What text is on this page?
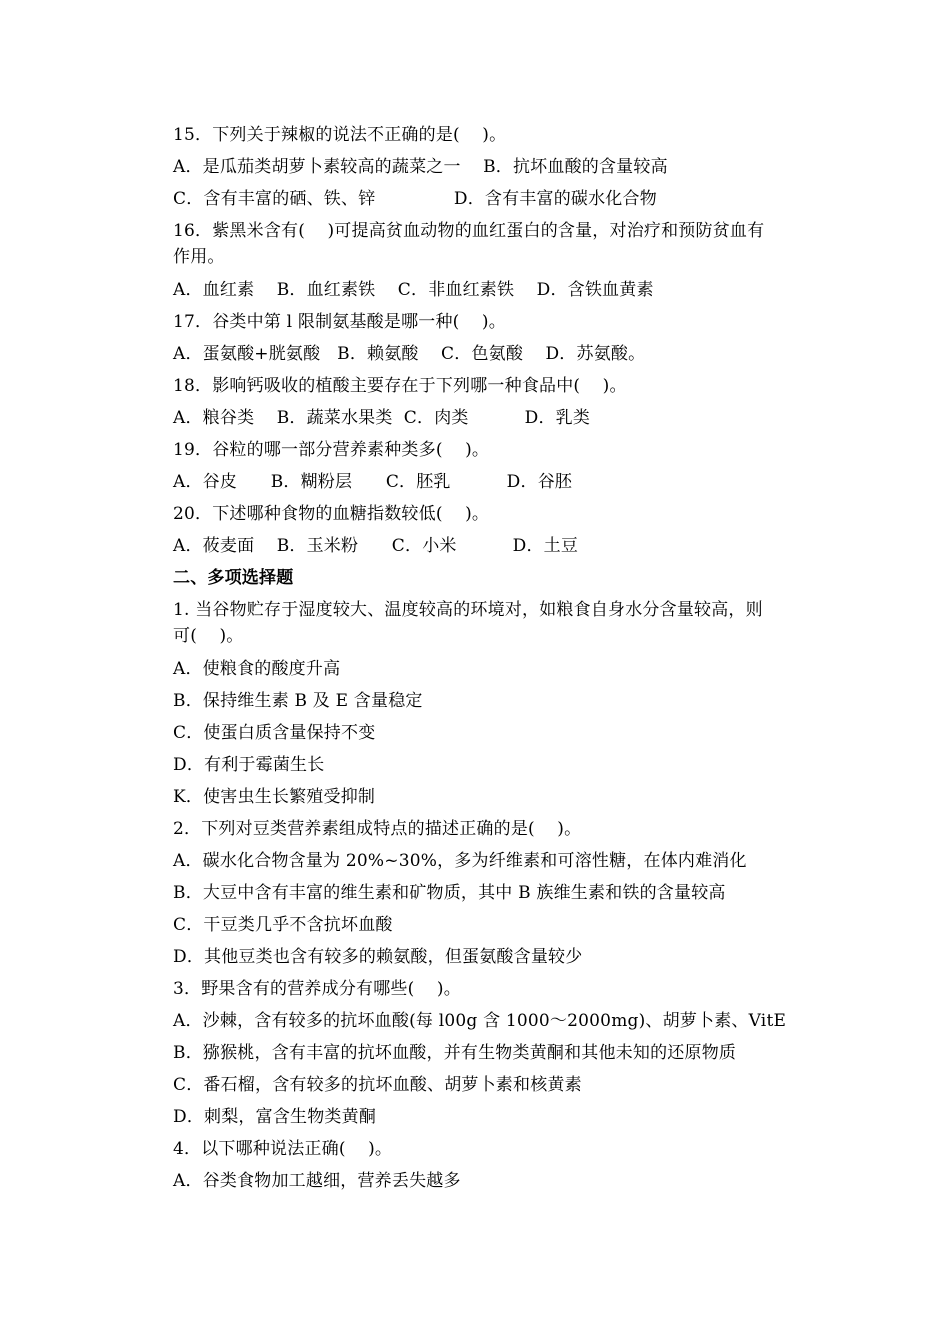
15．下列关于辣椒的说法不正确的是(    )。
A．是瓜茄类胡萝卜素较高的蔬菜之一    B．抗坏血酸的含量较高
C．含有丰富的硒、铁、锌              D．含有丰富的碳水化合物
16．紫黑米含有(    )可提高贫血动物的血红蛋白的含量，对治疗和预防贫血有
作用。
A．血红素    B．血红素铁    C．非血红素铁    D．含铁血黄素
17．谷类中第 l 限制氨基酸是哪一种(    )。
A．蛋氨酸+胱氨酸   B．赖氨酸    C．色氨酸    D．苏氨酸。
18．影响钙吸收的植酸主要存在于下列哪一种食品中(    )。
A．粮谷类    B．蔬菜水果类  C．肉类          D．乳类
19．谷粒的哪一部分营养素种类多(    )。
A．谷皮      B．糊粉层      C．胚乳          D．谷胚
20．下述哪种食物的血糖指数较低(    )。
A．莜麦面    B．玉米粉      C．小米          D．土豆
二、多项选择题
1. 当谷物贮存于湿度较大、温度较高的环境对，如粮食自身水分含量较高，则
可(    )。
A．使粮食的酸度升高
B．保持维生素 B 及 E 含量稳定
C．使蛋白质含量保持不变
D．有利于霉菌生长
K．使害虫生长繁殖受抑制
2．下列对豆类营养素组成特点的描述正确的是(    )。
A．碳水化合物含量为 20%~30%，多为纤维素和可溶性糖，在体内难消化
B．大豆中含有丰富的维生素和矿物质，其中 B 族维生素和铁的含量较高
C．干豆类几乎不含抗坏血酸
D．其他豆类也含有较多的赖氨酸，但蛋氨酸含量较少
3．野果含有的营养成分有哪些(    )。
A．沙棘，含有较多的抗坏血酸(每 l00g 含 1000～2000mg)、胡萝卜素、VitE
B．猕猴桃，含有丰富的抗坏血酸，并有生物类黄酮和其他未知的还原物质
C．番石榴，含有较多的抗坏血酸、胡萝卜素和核黄素
D．刺梨，富含生物类黄酮
4．以下哪种说法正确(    )。
A．谷类食物加工越细，营养丢失越多
